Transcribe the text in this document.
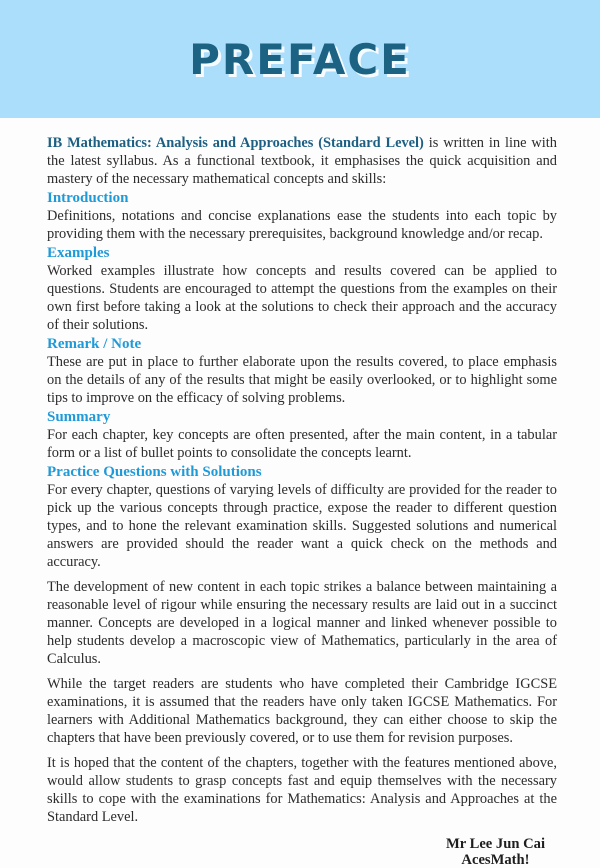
PREFACE

IB Mathematics: Analysis and Approaches (Standard Level) is written in line with the latest syllabus. As a functional textbook, it emphasises the quick acquisition and mastery of the necessary mathematical concepts and skills:

Introduction

Definitions, notations and concise explanations ease the students into each topic by providing them with the necessary prerequisites, background knowledge and/or recap.

Examples

Worked examples illustrate how concepts and results covered can be applied to questions. Students are encouraged to attempt the questions from the examples on their own first before taking a look at the solutions to check their approach and the accuracy of their solutions.

Remark / Note

These are put in place to further elaborate upon the results covered, to place emphasis on the details of any of the results that might be easily overlooked, or to highlight some tips to improve on the efficacy of solving problems.

Summary

For each chapter, key concepts are often presented, after the main content, in a tabular form or a list of bullet points to consolidate the concepts learnt.

Practice Questions with Solutions

For every chapter, questions of varying levels of difficulty are provided for the reader to pick up the various concepts through practice, expose the reader to different question types, and to hone the relevant examination skills. Suggested solutions and numerical answers are provided should the reader want a quick check on the methods and accuracy.

The development of new content in each topic strikes a balance between maintaining a reasonable level of rigour while ensuring the necessary results are laid out in a succinct manner. Concepts are developed in a logical manner and linked whenever possible to help students develop a macroscopic view of Mathematics, particularly in the area of Calculus.

While the target readers are students who have completed their Cambridge IGCSE examinations, it is assumed that the readers have only taken IGCSE Mathematics. For learners with Additional Mathematics background, they can either choose to skip the chapters that have been previously covered, or to use them for revision purposes.

It is hoped that the content of the chapters, together with the features mentioned above, would allow students to grasp concepts fast and equip themselves with the necessary skills to cope with the examinations for Mathematics: Analysis and Approaches at the Standard Level.

Mr Lee Jun Cai
AcesMath!
